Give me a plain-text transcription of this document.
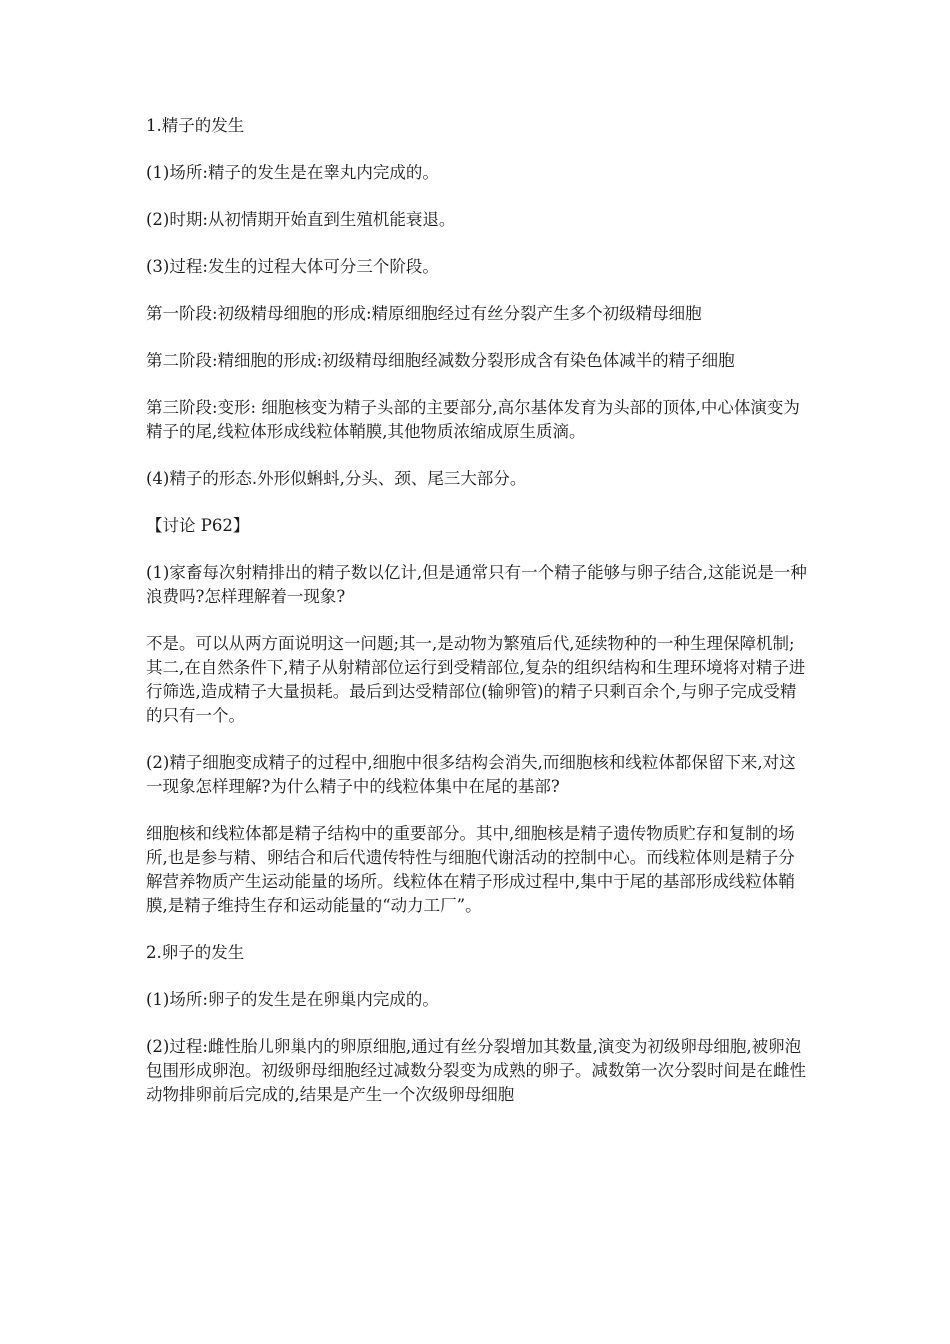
1.精子的发生

(1)场所:精子的发生是在睾丸内完成的。

(2)时期:从初情期开始直到生殖机能衰退。

(3)过程:发生的过程大体可分三个阶段。

第一阶段:初级精母细胞的形成:精原细胞经过有丝分裂产生多个初级精母细胞

第二阶段:精细胞的形成:初级精母细胞经减数分裂形成含有染色体减半的精子细胞

第三阶段:变形: 细胞核变为精子头部的主要部分,高尔基体发育为头部的顶体,中心体演变为精子的尾,线粒体形成线粒体鞘膜,其他物质浓缩成原生质滴。

(4)精子的形态.外形似蝌蚪,分头、颈、尾三大部分。

【讨论 P62】

(1)家畜每次射精排出的精子数以亿计,但是通常只有一个精子能够与卵子结合,这能说是一种浪费吗?怎样理解着一现象?

不是。可以从两方面说明这一问题;其一,是动物为繁殖后代,延续物种的一种生理保障机制;其二,在自然条件下,精子从射精部位运行到受精部位,复杂的组织结构和生理环境将对精子进行筛选,造成精子大量损耗。最后到达受精部位(输卵管)的精子只剩百余个,与卵子完成受精的只有一个。

(2)精子细胞变成精子的过程中,细胞中很多结构会消失,而细胞核和线粒体都保留下来,对这一现象怎样理解?为什么精子中的线粒体集中在尾的基部?

细胞核和线粒体都是精子结构中的重要部分。其中,细胞核是精子遗传物质贮存和复制的场所,也是参与精、卵结合和后代遗传特性与细胞代谢活动的控制中心。而线粒体则是精子分解营养物质产生运动能量的场所。线粒体在精子形成过程中,集中于尾的基部形成线粒体鞘膜,是精子维持生存和运动能量的“动力工厂”。

2.卵子的发生

(1)场所:卵子的发生是在卵巢内完成的。

(2)过程:雌性胎儿卵巢内的卵原细胞,通过有丝分裂增加其数量,演变为初级卵母细胞,被卵泡包围形成卵泡。初级卵母细胞经过减数分裂变为成熟的卵子。减数第一次分裂时间是在雌性动物排卵前后完成的,结果是产生一个次级卵母细胞
